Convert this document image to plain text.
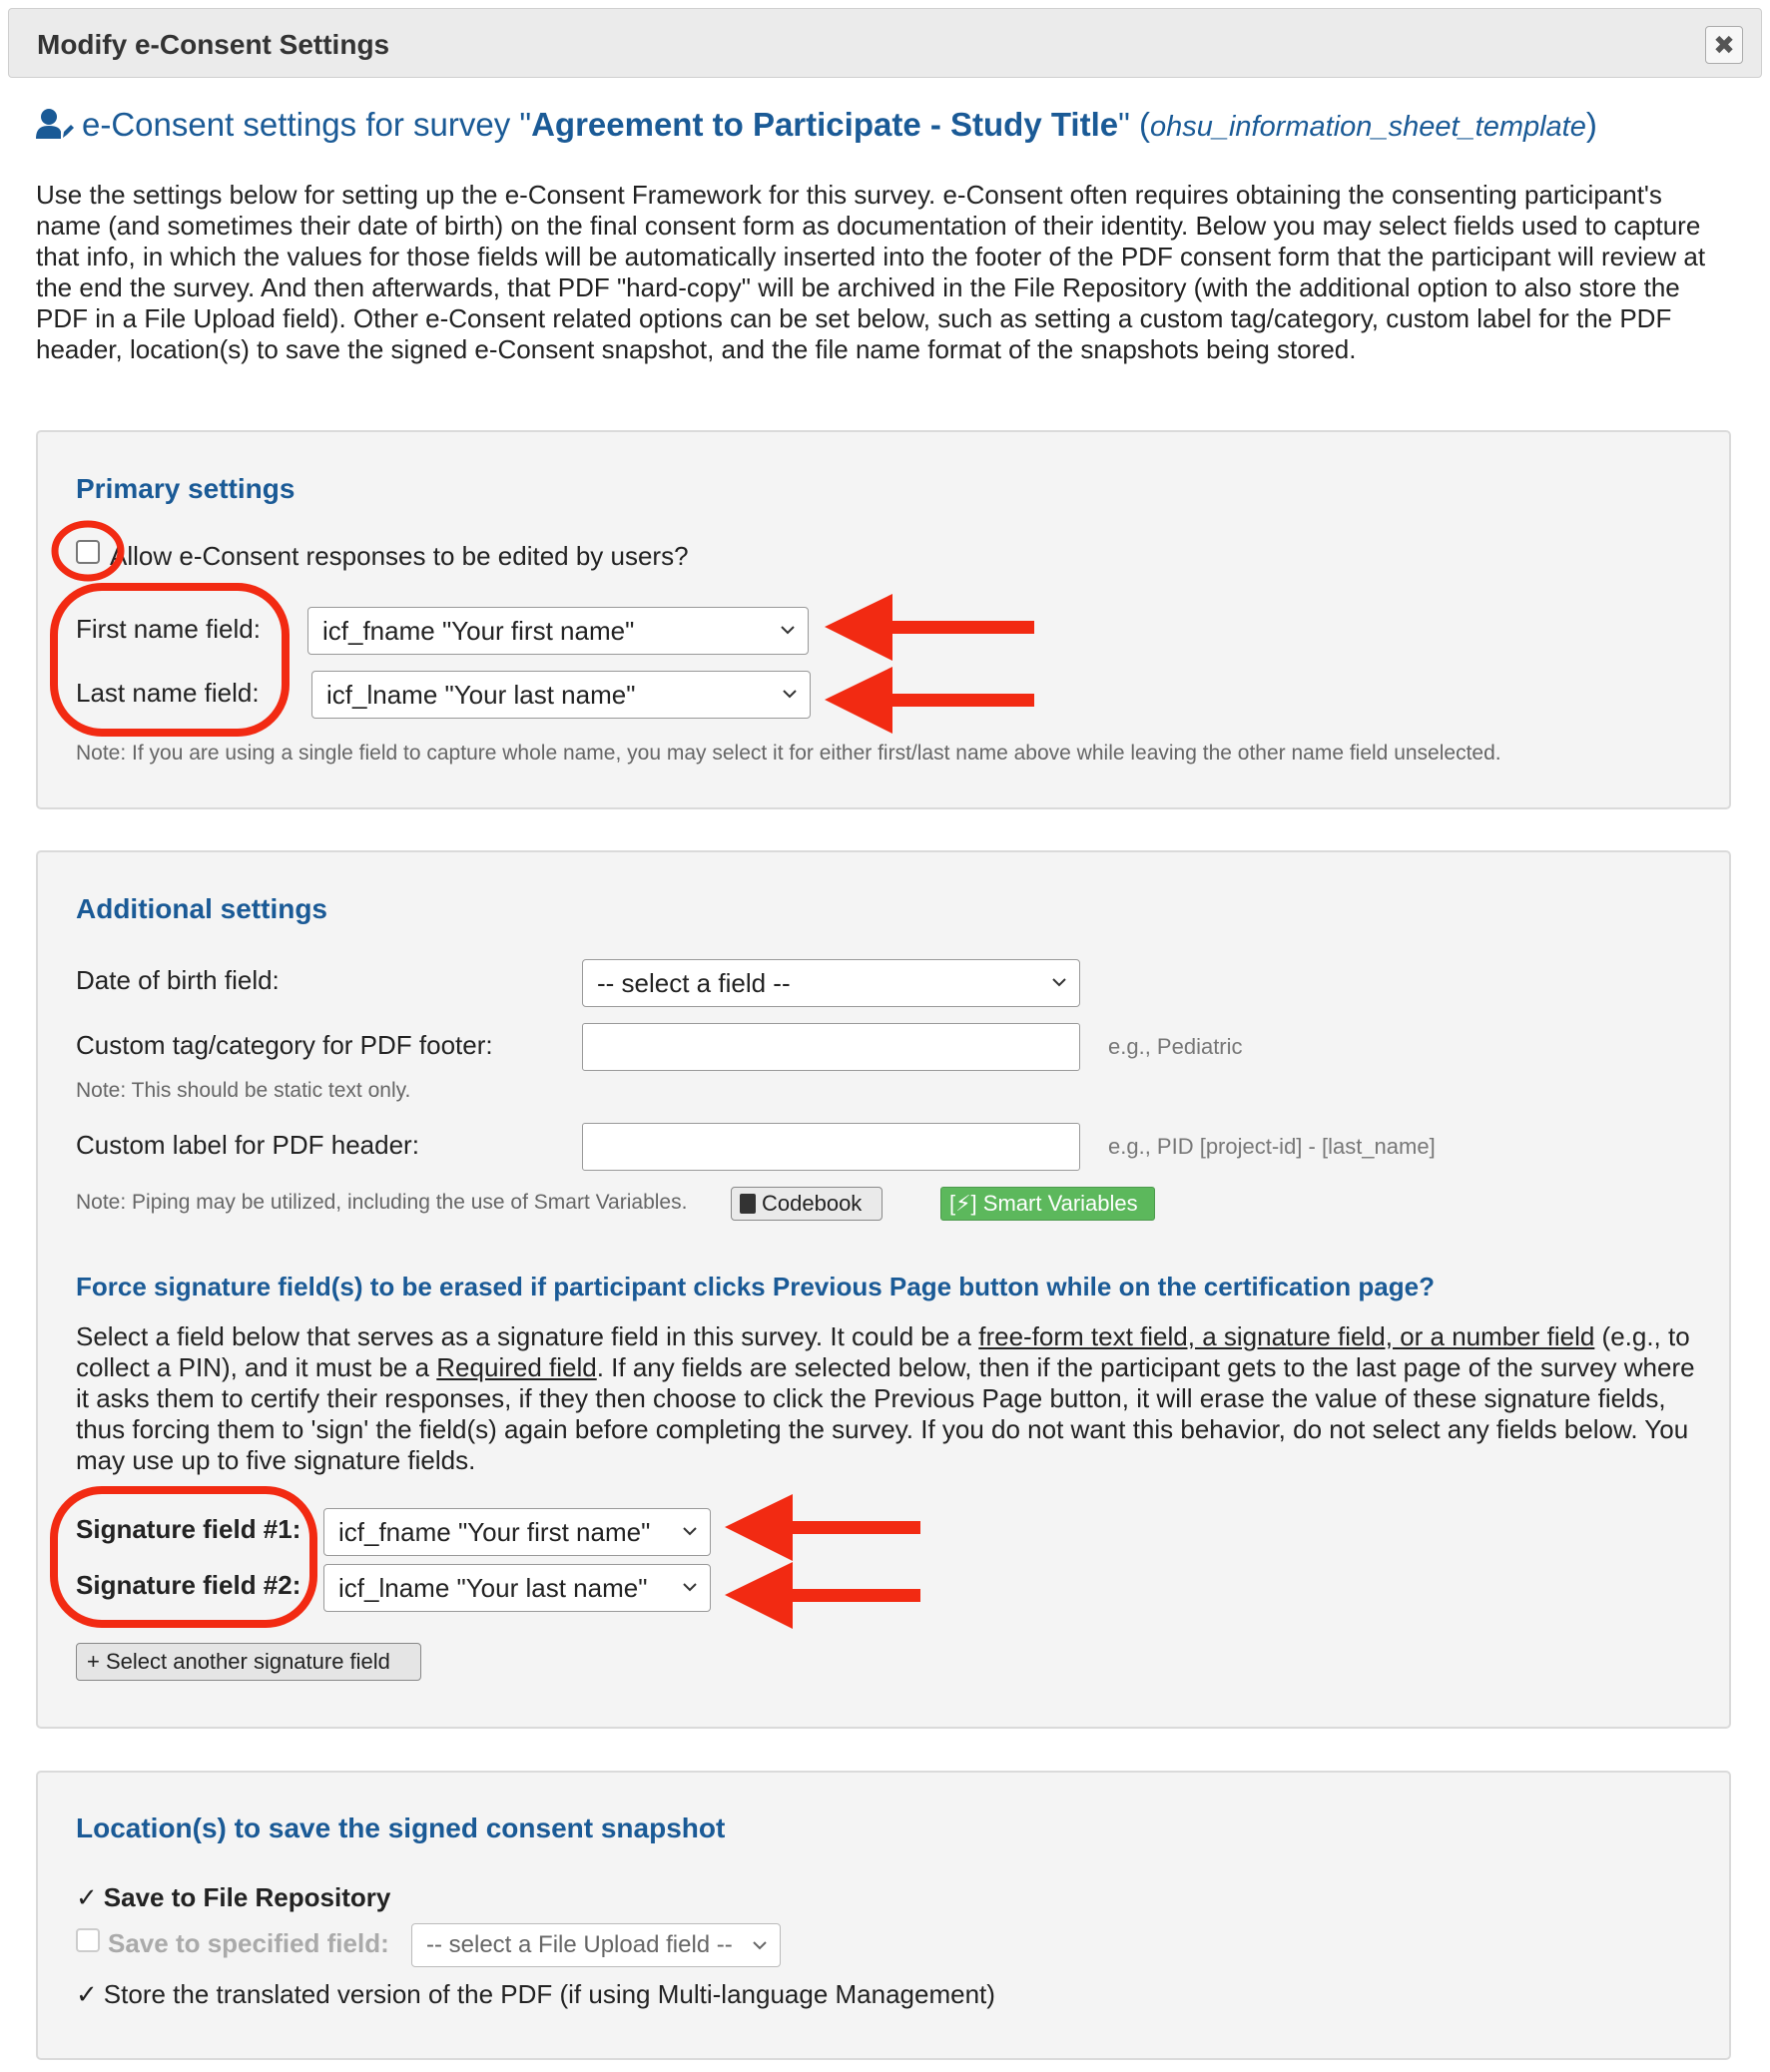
Modify e-Consent Settings	✖
e-Consent settings for survey "Agreement to Participate - Study Title" (ohsu_information_sheet_template)
Use the settings below for setting up the e-Consent Framework for this survey. e-Consent often requires obtaining the consenting participant's name (and sometimes their date of birth) on the final consent form as documentation of their identity. Below you may select fields used to capture that info, in which the values for those fields will be automatically inserted into the footer of the PDF consent form that the participant will review at the end the survey. And then afterwards, that PDF "hard-copy" will be archived in the File Repository (with the additional option to also store the PDF in a File Upload field). Other e-Consent related options can be set below, such as setting a custom tag/category, custom label for the PDF header, location(s) to save the signed e-Consent snapshot, and the file name format of the snapshots being stored.
Primary settings
Allow e-Consent responses to be edited by users?
First name field:	icf_fname "Your first name"
Last name field:	icf_lname "Your last name"
Note: If you are using a single field to capture whole name, you may select it for either first/last name above while leaving the other name field unselected.
Additional settings
Date of birth field:	-- select a field --
Custom tag/category for PDF footer:	e.g., Pediatric
Note: This should be static text only.
Custom label for PDF header:	e.g., PID [project-id] - [last_name]
Note: Piping may be utilized, including the use of Smart Variables.	Codebook	[⚡] Smart Variables
Force signature field(s) to be erased if participant clicks Previous Page button while on the certification page?
Select a field below that serves as a signature field in this survey. It could be a free-form text field, a signature field, or a number field (e.g., to collect a PIN), and it must be a Required field. If any fields are selected below, then if the participant gets to the last page of the survey where it asks them to certify their responses, if they then choose to click the Previous Page button, it will erase the value of these signature fields, thus forcing them to 'sign' the field(s) again before completing the survey. If you do not want this behavior, do not select any fields below. You may use up to five signature fields.
Signature field #1:	icf_fname "Your first name"
Signature field #2:	icf_lname "Your last name"
+ Select another signature field
Location(s) to save the signed consent snapshot
✓ Save to File Repository
Save to specified field:	-- select a File Upload field --
✓ Store the translated version of the PDF (if using Multi-language Management)
